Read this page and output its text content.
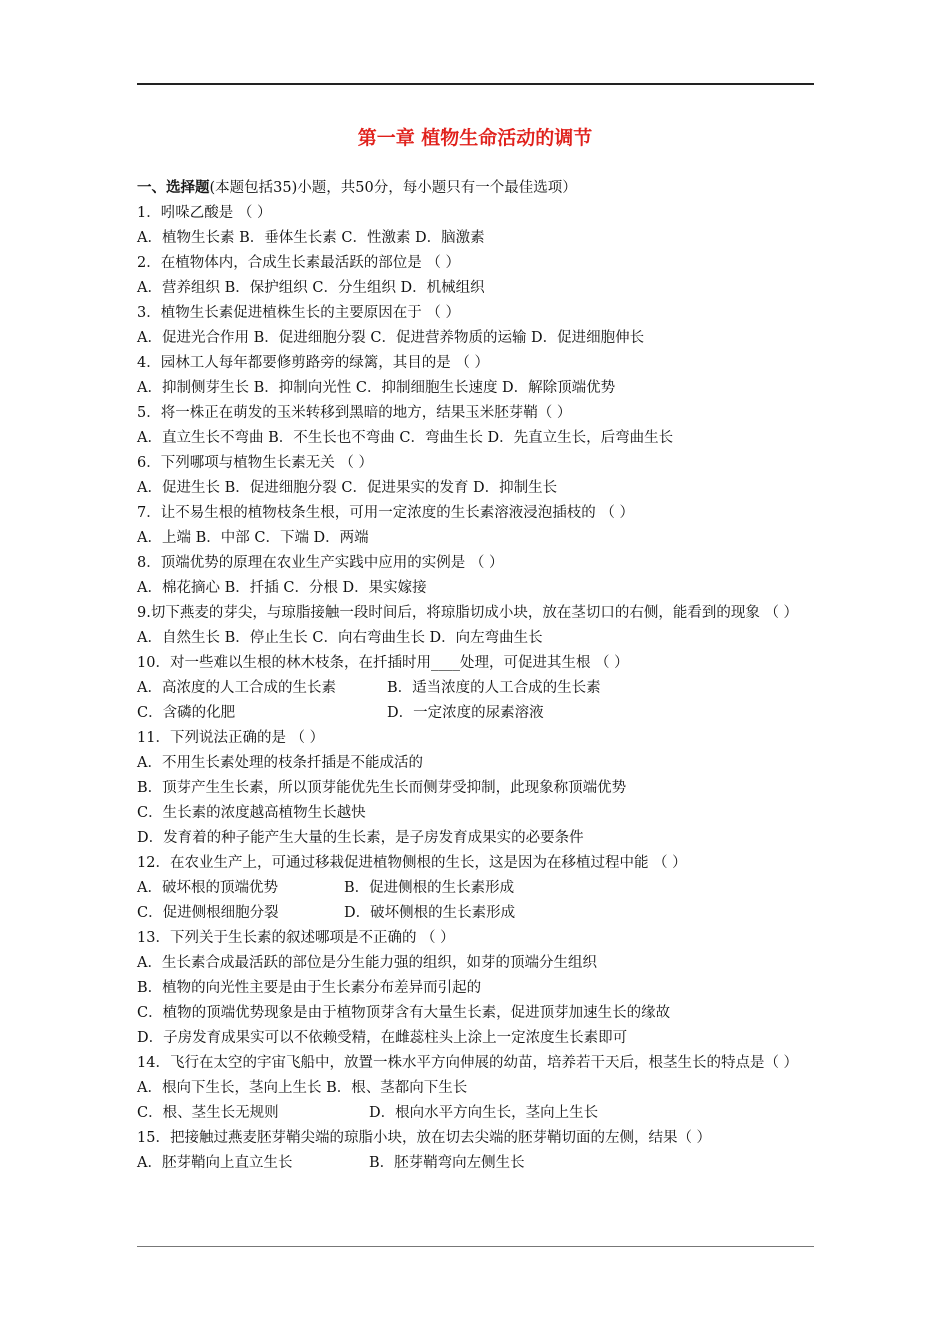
第一章 植物生命活动的调节
一、选择题(本题包括35)小题，共50分，每小题只有一个最佳选项）
1．吲哚乙酸是 （ ）
A．植物生长素 B．垂体生长素 C．性激素 D．脑激素
2．在植物体内，合成生长素最活跃的部位是 （ ）
A．营养组织 B．保护组织 C．分生组织 D．机械组织
3．植物生长素促进植株生长的主要原因在于 （ ）
A．促进光合作用 B．促进细胞分裂 C．促进营养物质的运输 D．促进细胞伸长
4．园林工人每年都要修剪路旁的绿篱，其目的是 （ ）
A．抑制侧芽生长 B．抑制向光性 C．抑制细胞生长速度 D．解除顶端优势
5．将一株正在萌发的玉米转移到黑暗的地方，结果玉米胚芽鞘（ ）
A．直立生长不弯曲 B．不生长也不弯曲 C．弯曲生长 D．先直立生长，后弯曲生长
6．下列哪项与植物生长素无关 （ ）
A．促进生长 B．促进细胞分裂 C．促进果实的发育 D．抑制生长
7．让不易生根的植物枝条生根，可用一定浓度的生长素溶液浸泡插枝的 （ ）
A．上端 B．中部 C．下端 D．两端
8．顶端优势的原理在农业生产实践中应用的实例是 （ ）
A．棉花摘心 B．扦插 C．分根 D．果实嫁接
9.切下燕麦的芽尖，与琼脂接触一段时间后，将琼脂切成小块，放在茎切口的右侧，能看到的现象 （ ）
A．自然生长 B．停止生长 C．向右弯曲生长 D．向左弯曲生长
10．对一些难以生根的林木枝条，在扦插时用____处理，可促进其生根 （ ）
A．高浓度的人工合成的生长素	B．适当浓度的人工合成的生长素
C．含磷的化肥	D．一定浓度的尿素溶液
11．下列说法正确的是 （ ）
A．不用生长素处理的枝条扦插是不能成活的
B．顶芽产生生长素，所以顶芽能优先生长而侧芽受抑制，此现象称顶端优势
C．生长素的浓度越高植物生长越快
D．发育着的种子能产生大量的生长素，是子房发育成果实的必要条件
12．在农业生产上，可通过移栽促进植物侧根的生长，这是因为在移植过程中能 （ ）
A．破坏根的顶端优势	B．促进侧根的生长素形成
C．促进侧根细胞分裂	D．破坏侧根的生长素形成
13．下列关于生长素的叙述哪项是不正确的 （ ）
A．生长素合成最活跃的部位是分生能力强的组织，如芽的顶端分生组织
B．植物的向光性主要是由于生长素分布差异而引起的
C．植物的顶端优势现象是由于植物顶芽含有大量生长素，促进顶芽加速生长的缘故
D．子房发育成果实可以不依赖受精，在雌蕊柱头上涂上一定浓度生长素即可
14．飞行在太空的宇宙飞船中，放置一株水平方向伸展的幼苗，培养若干天后，根茎生长的特点是（ ）
A．根向下生长，茎向上生长 B．根、茎都向下生长
C．根、茎生长无规则	D．根向水平方向生长，茎向上生长
15．把接触过燕麦胚芽鞘尖端的琼脂小块，放在切去尖端的胚芽鞘切面的左侧，结果（ ）
A．胚芽鞘向上直立生长	B．胚芽鞘弯向左侧生长
